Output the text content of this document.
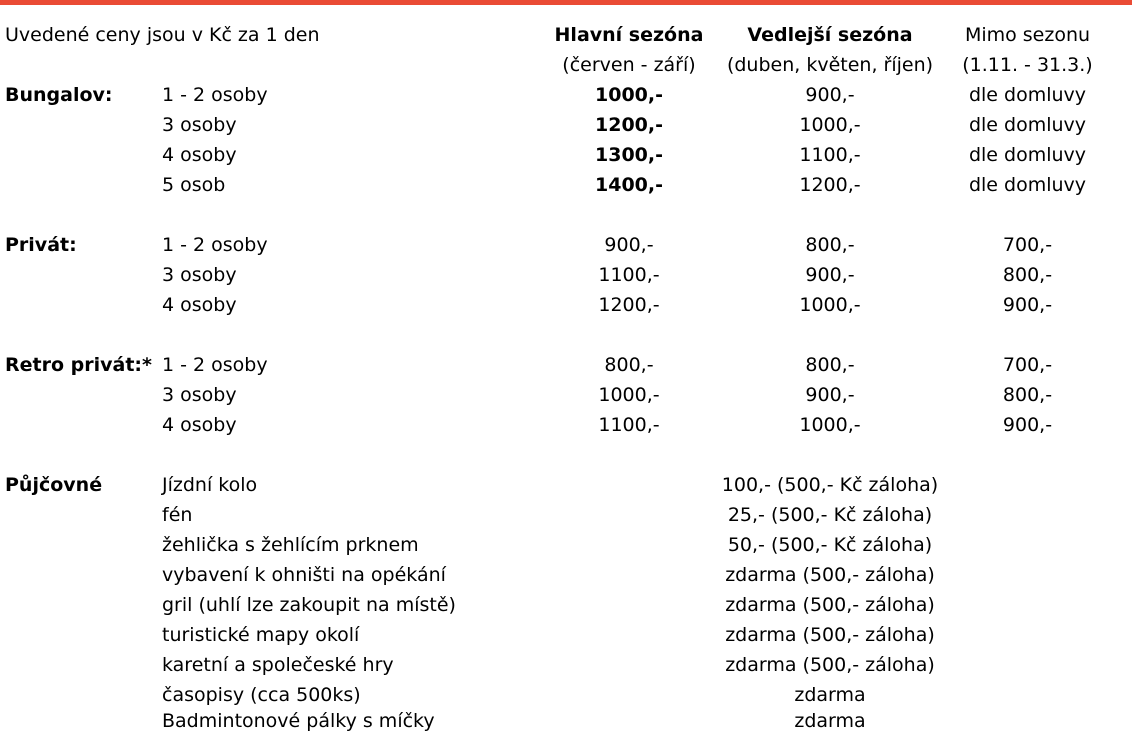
Uvedené ceny jsou v Kč za 1 den	Hlavní sezóna	Vedlejší sezóna	Mimo sezonu
(červen - září)	(duben, květen, říjen)	(1.11. - 31.3.)
Bungalov:	1 - 2 osoby	1000,-	900,-	dle domluvy
3 osoby	1200,-	1000,-	dle domluvy
4 osoby	1300,-	1100,-	dle domluvy
5 osob	1400,-	1200,-	dle domluvy
Privát:	1 - 2 osoby	900,-	800,-	700,-
3 osoby	1100,-	900,-	800,-
4 osoby	1200,-	1000,-	900,-
Retro privát:* 1 - 2 osoby	800,-	800,-	700,-
3 osoby	1000,-	900,-	800,-
4 osoby	1100,-	1000,-	900,-
Půjčovné	Jízdní kolo	100,- (500,- Kč záloha)
fén	25,- (500,- Kč záloha)
žehlička s žehlícím prknem	50,- (500,- Kč záloha)
vybavení k ohništi na opékání	zdarma (500,- záloha)
gril (uhlí lze zakoupit na místě)	zdarma (500,- záloha)
turistické mapy okolí	zdarma (500,- záloha)
karetní a společeské hry	zdarma (500,- záloha)
časopisy (cca 500ks)	zdarma
Badmintonové pálky s míčky	zdarma
